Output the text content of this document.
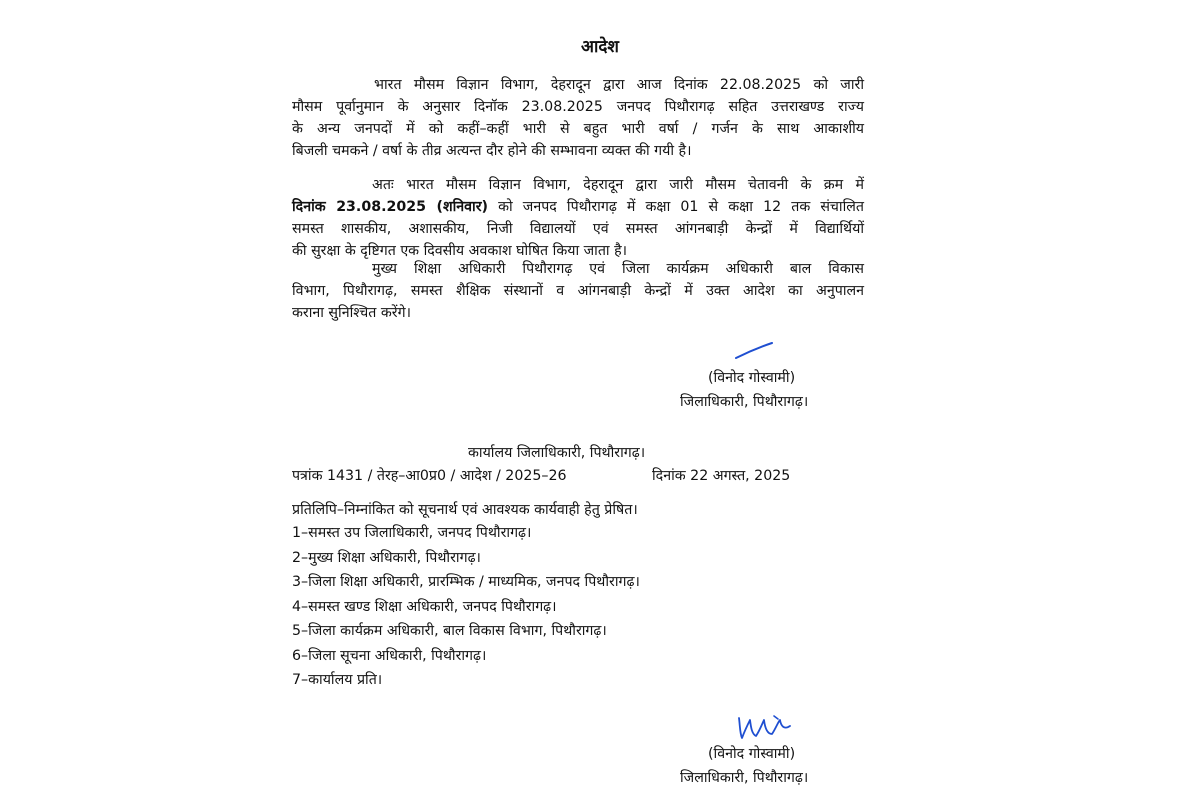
आदेश
भारत मौसम विज्ञान विभाग, देहरादून द्वारा आज दिनांक 22.08.2025 को जारी
मौसम पूर्वानुमान के अनुसार दिनॉक 23.08.2025 जनपद पिथौरागढ़ सहित उत्तराखण्ड राज्य
के अन्य जनपदों में को कहीं–कहीं भारी से बहुत भारी वर्षा / गर्जन के साथ आकाशीय
बिजली चमकने / वर्षा के तीव्र अत्यन्त दौर होने की सम्भावना व्यक्त की गयी है।
अतः भारत मौसम विज्ञान विभाग, देहरादून द्वारा जारी मौसम चेतावनी के क्रम में
दिनांक 23.08.2025 (शनिवार) को जनपद पिथौरागढ़ में कक्षा 01 से कक्षा 12 तक संचालित
समस्त शासकीय, अशासकीय, निजी विद्यालयों एवं समस्त आंगनबाड़ी केन्द्रों में विद्यार्थियों
की सुरक्षा के दृष्टिगत एक दिवसीय अवकाश घोषित किया जाता है।
मुख्य शिक्षा अधिकारी पिथौरागढ़ एवं जिला कार्यक्रम अधिकारी बाल विकास
विभाग, पिथौरागढ़, समस्त शैक्षिक संस्थानों व आंगनबाड़ी केन्द्रों में उक्त आदेश का अनुपालन
कराना सुनिश्चित करेंगे।
(विनोद गोस्वामी)
जिलाधिकारी, पिथौरागढ़।
कार्यालय जिलाधिकारी, पिथौरागढ़।
पत्रांक 1431 / तेरह–आ0प्र0 / आदेश / 2025–26	दिनांक 22 अगस्त, 2025
प्रतिलिपि–निम्नांकित को सूचनार्थ एवं आवश्यक कार्यवाही हेतु प्रेषित।
1–समस्त उप जिलाधिकारी, जनपद पिथौरागढ़।
2–मुख्य शिक्षा अधिकारी, पिथौरागढ़।
3–जिला शिक्षा अधिकारी, प्रारम्भिक / माध्यमिक, जनपद पिथौरागढ़।
4–समस्त खण्ड शिक्षा अधिकारी, जनपद पिथौरागढ़।
5–जिला कार्यक्रम अधिकारी, बाल विकास विभाग, पिथौरागढ़।
6–जिला सूचना अधिकारी, पिथौरागढ़।
7–कार्यालय प्रति।
(विनोद गोस्वामी)
जिलाधिकारी, पिथौरागढ़।
